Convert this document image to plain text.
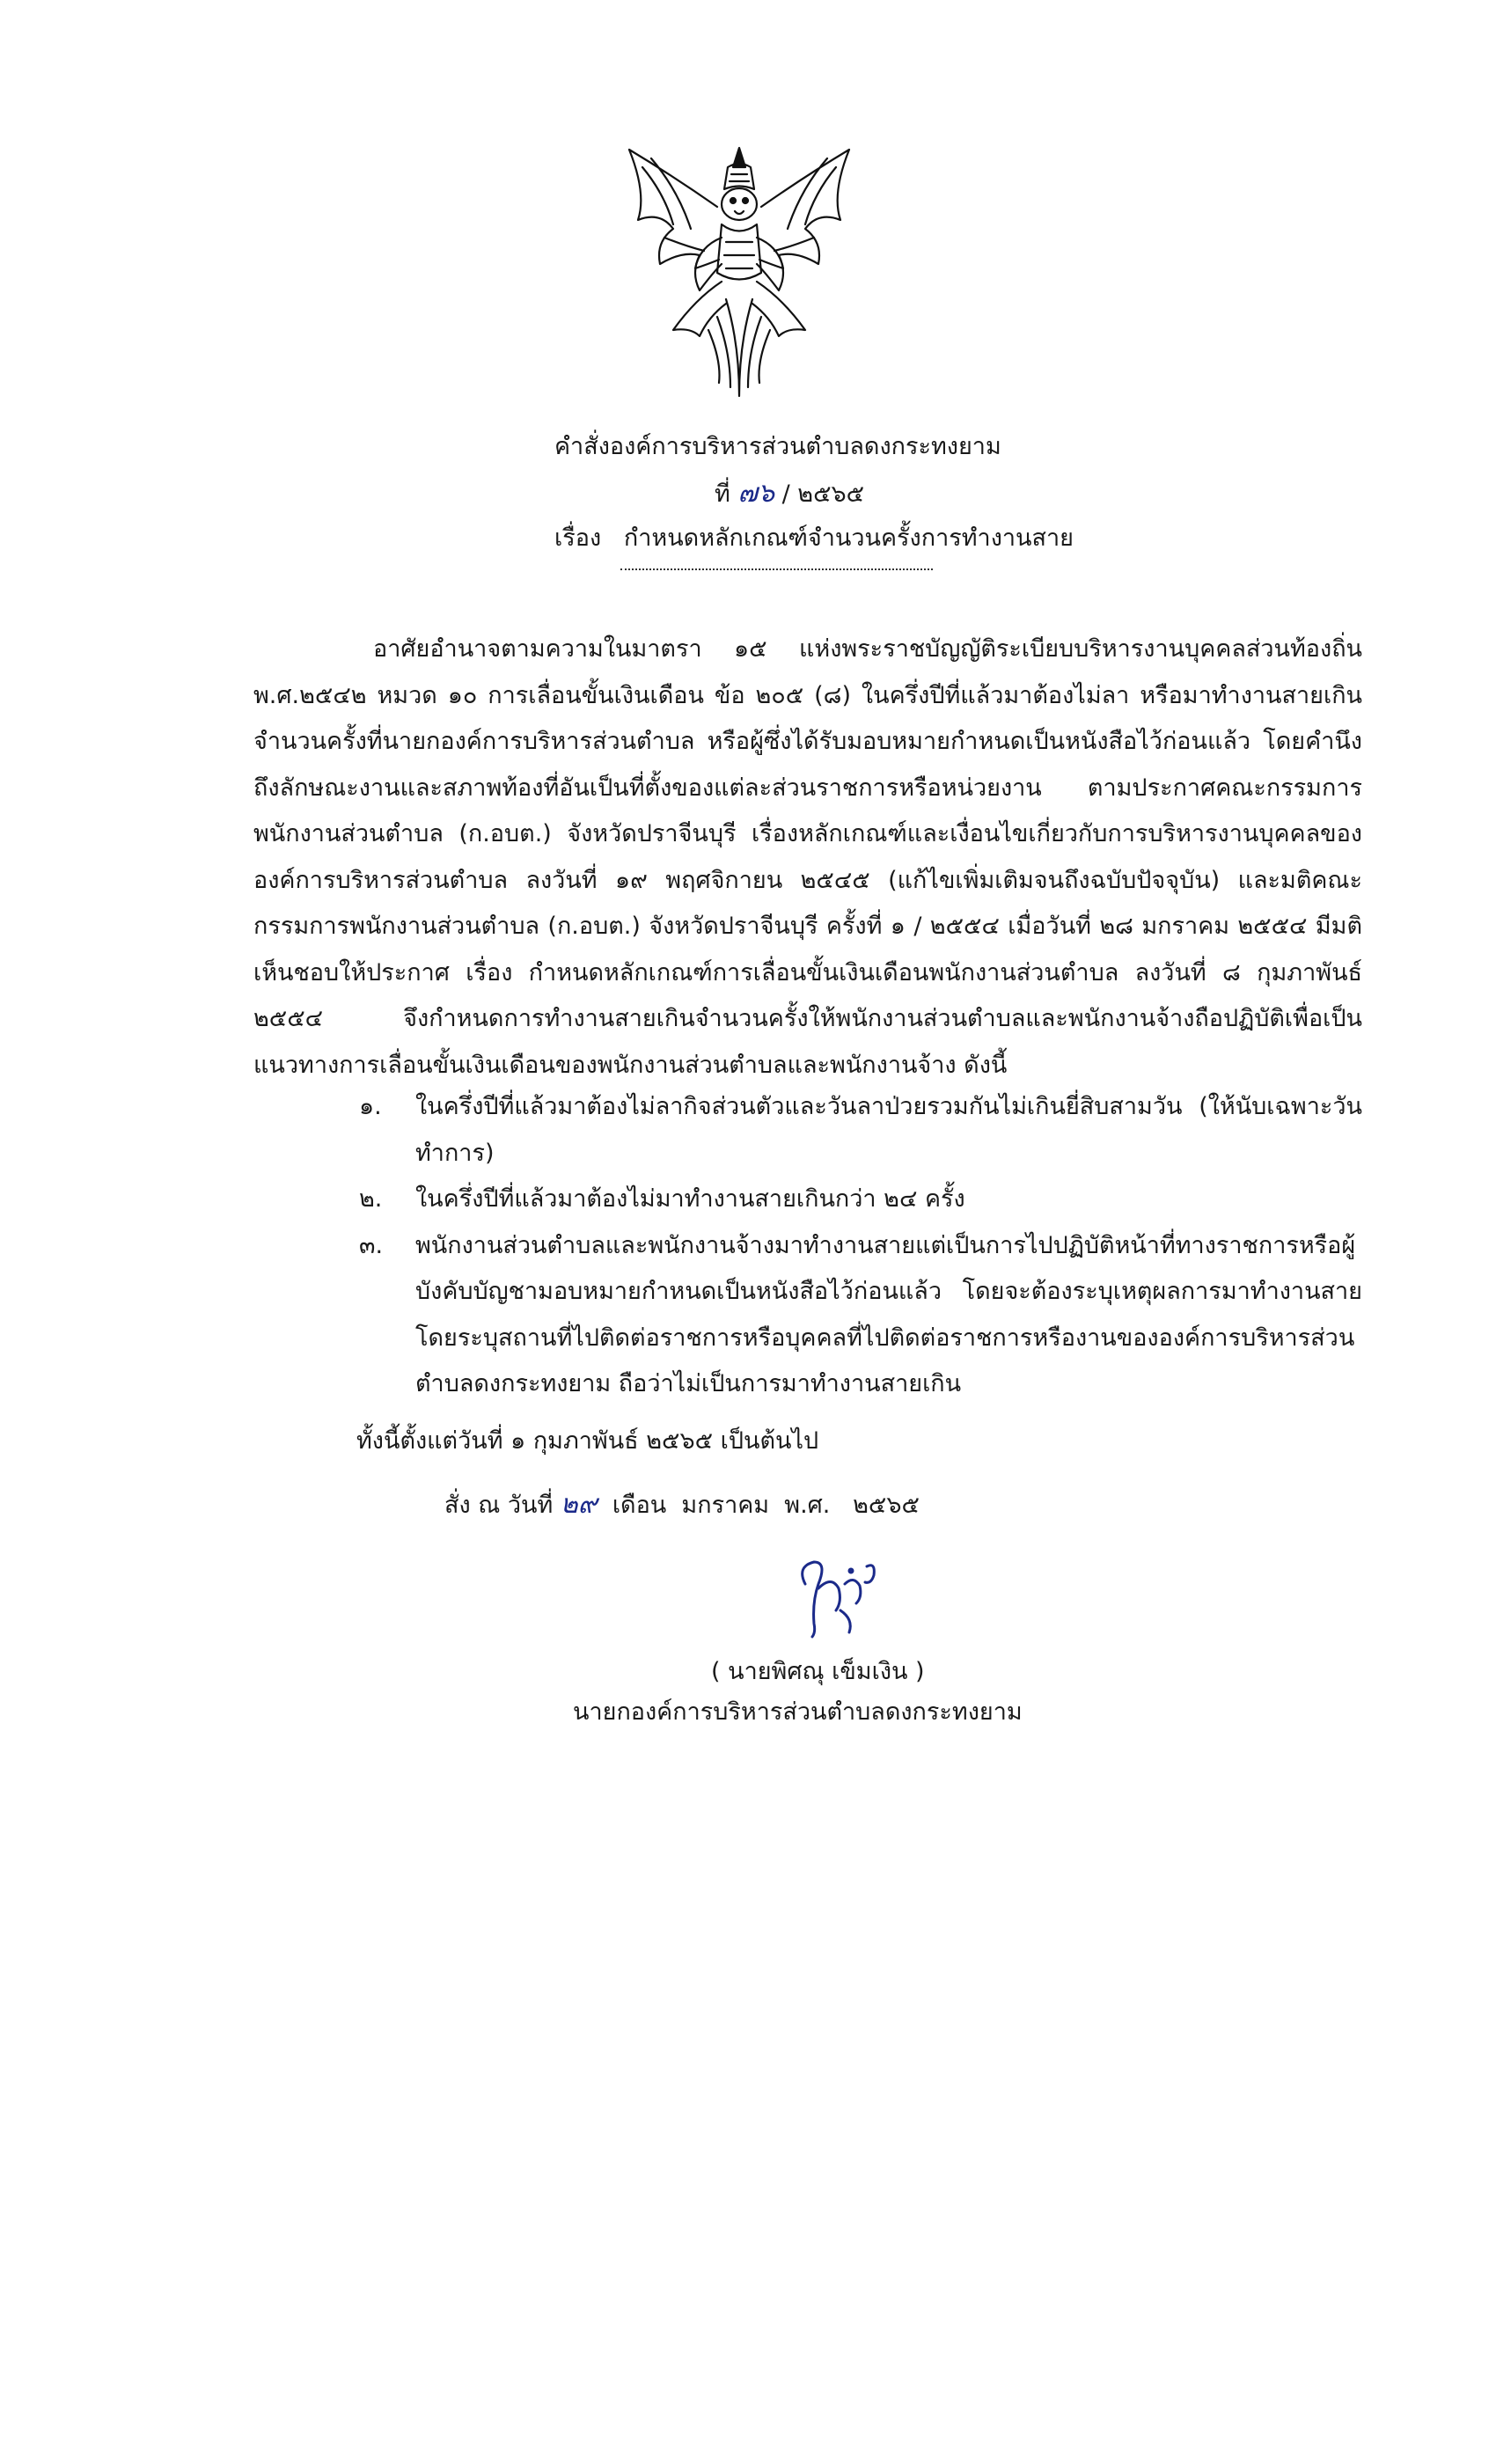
คำสั่งองค์การบริหารส่วนตำบลดงกระทงยาม
ที่ ๗๖ / ๒๕๖๕
เรื่อง กำหนดหลักเกณฑ์จำนวนครั้งการทำงานสาย
อาศัยอำนาจตามความในมาตรา ๑๕ แห่งพระราชบัญญัติระเบียบบริหารงานบุคคลส่วนท้องถิ่น พ.ศ.๒๕๔๒ หมวด ๑๐ การเลื่อนขั้นเงินเดือน ข้อ ๒๐๕ (๘) ในครึ่งปีที่แล้วมาต้องไม่ลา หรือมาทำงานสายเกินจำนวนครั้งที่นายกองค์การบริหารส่วนตำบล หรือผู้ซึ่งได้รับมอบหมายกำหนดเป็นหนังสือไว้ก่อนแล้ว โดยคำนึงถึงลักษณะงานและสภาพท้องที่อันเป็นที่ตั้งของแต่ละส่วนราชการหรือหน่วยงาน ตามประกาศคณะกรรมการพนักงานส่วนตำบล (ก.อบต.) จังหวัดปราจีนบุรี เรื่องหลักเกณฑ์และเงื่อนไขเกี่ยวกับการบริหารงานบุคคลขององค์การบริหารส่วนตำบล ลงวันที่ ๑๙ พฤศจิกายน ๒๕๔๕ (แก้ไขเพิ่มเติมจนถึงฉบับปัจจุบัน) และมติคณะกรรมการพนักงานส่วนตำบล (ก.อบต.) จังหวัดปราจีนบุรี ครั้งที่ ๑ / ๒๕๕๔ เมื่อวันที่ ๒๘ มกราคม ๒๕๕๔ มีมติเห็นชอบให้ประกาศ เรื่อง กำหนดหลักเกณฑ์การเลื่อนขั้นเงินเดือนพนักงานส่วนตำบล ลงวันที่ ๘ กุมภาพันธ์ ๒๕๕๔ จึงกำหนดการทำงานสายเกินจำนวนครั้งให้พนักงานส่วนตำบลและพนักงานจ้างถือปฏิบัติเพื่อเป็นแนวทางการเลื่อนขั้นเงินเดือนของพนักงานส่วนตำบลและพนักงานจ้าง ดังนี้
๑.	ในครึ่งปีที่แล้วมาต้องไม่ลากิจส่วนตัวและวันลาป่วยรวมกันไม่เกินยี่สิบสามวัน (ให้นับเฉพาะวันทำการ)
๒.	ในครึ่งปีที่แล้วมาต้องไม่มาทำงานสายเกินกว่า ๒๔ ครั้ง
๓.	พนักงานส่วนตำบลและพนักงานจ้างมาทำงานสายแต่เป็นการไปปฏิบัติหน้าที่ทางราชการหรือผู้บังคับบัญชามอบหมายกำหนดเป็นหนังสือไว้ก่อนแล้ว โดยจะต้องระบุเหตุผลการมาทำงานสายโดยระบุสถานที่ไปติดต่อราชการหรือบุคคลที่ไปติดต่อราชการหรืองานขององค์การบริหารส่วนตำบลดงกระทงยาม ถือว่าไม่เป็นการมาทำงานสายเกิน
ทั้งนี้ตั้งแต่วันที่ ๑ กุมภาพันธ์ ๒๕๖๕ เป็นต้นไป
สั่ง ณ วันที่ ๒๙ เดือน มกราคม พ.ศ. ๒๕๖๕
( นายพิศณุ เข็มเงิน )
นายกองค์การบริหารส่วนตำบลดงกระทงยาม
